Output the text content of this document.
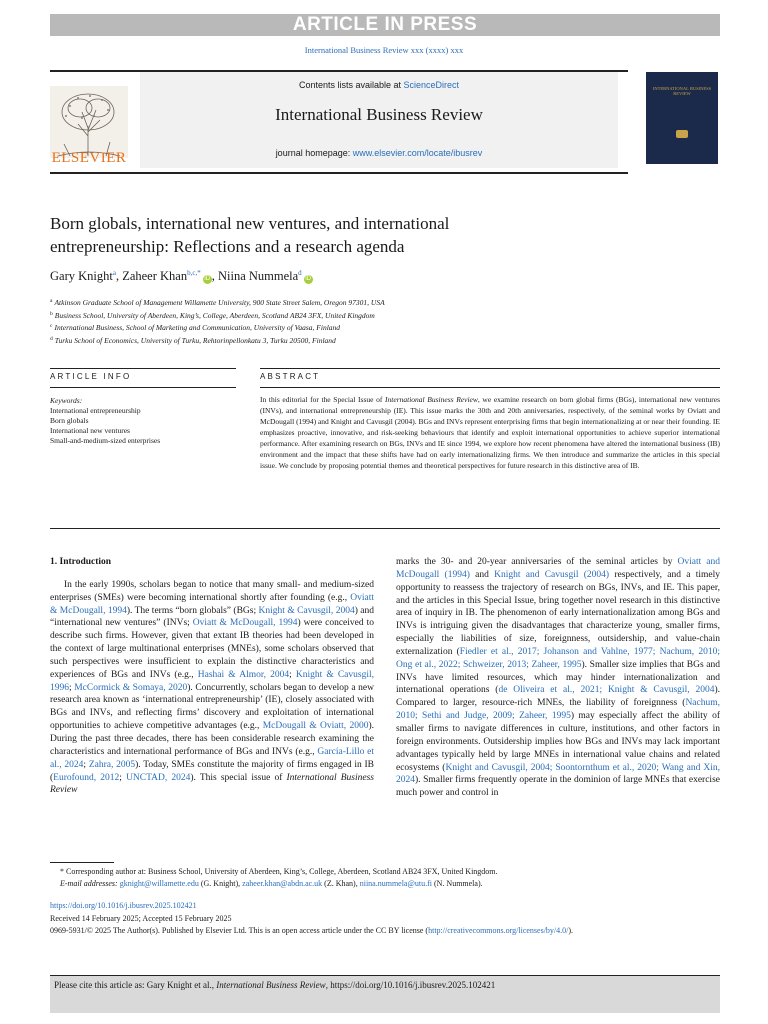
ARTICLE IN PRESS
International Business Review xxx (xxxx) xxx
ELSEVIER
Contents lists available at ScienceDirect
International Business Review
journal homepage: www.elsevier.com/locate/ibusrev
INTERNATIONAL BUSINESS REVIEW
Born globals, international new ventures, and international
entrepreneurship: Reflections and a research agenda
Gary Knight$^a$, Zaheer Khan$^{b,c,*}$iD , Niina Nummela$^d$iD
$^a$ Atkinson Graduate School of Management Willamette University, 900 State Street Salem, Oregon 97301, USA
$^b$ Business School, University of Aberdeen, King’s, College, Aberdeen, Scotland AB24 3FX, United Kingdom
$^c$ International Business, School of Marketing and Communication, University of Vaasa, Finland
$^d$ Turku School of Economics, University of Turku, Rehtorinpellonkatu 3, Turku 20500, Finland
ARTICLE INFO	ABSTRACT
Keywords:
International entrepreneurship
Born globals
International new ventures
Small-and-medium-sized enterprises
In this editorial for the Special Issue of International Business Review, we examine research on born global firms (BGs), international new ventures (INVs), and international entrepreneurship (IE). This issue marks the 30th and 20th anniversaries, respectively, of the seminal works by Oviatt and McDougall (1994) and Knight and Cavusgil (2004). BGs and INVs represent enterprising firms that begin internationalizing at or near their founding. IE emphasizes proactive, innovative, and risk-seeking behaviours that identify and exploit international opportunities to achieve superior international performance. After examining research on BGs, INVs and IE since 1994, we explore how recent phenomena have altered the international business (IB) environment and the impact that these shifts have had on early internationalizing firms. We then introduce and summarize the articles in this special issue. We conclude by proposing potential themes and theoretical perspectives for future research in this distinctive area of IB.
1. Introduction
In the early 1990s, scholars began to notice that many small- and medium-sized enterprises (SMEs) were becoming international shortly after founding (e.g., Oviatt & McDougall, 1994). The terms “born globals” (BGs; Knight & Cavusgil, 2004) and “international new ventures” (INVs; Oviatt & McDougall, 1994) were conceived to describe such firms. However, given that extant IB theories had been developed in the context of large multinational enterprises (MNEs), some scholars observed that such perspectives were insufficient to explain the distinctive characteristics and experiences of BGs and INVs (e.g., Hashai & Almor, 2004; Knight & Cavusgil, 1996; McCormick & Somaya, 2020). Concurrently, scholars began to develop a new research area known as ‘international entrepreneurship’ (IE), closely associated with BGs and INVs, and reflecting firms’ discovery and exploitation of international opportunities to achieve competitive advantages (e.g., McDougall & Oviatt, 2000). During the past three decades, there has been considerable research examining the characteristics and international performance of BGs and INVs (e.g., García-Lillo et al., 2024; Zahra, 2005). Today, SMEs constitute the majority of firms engaged in IB (Eurofound, 2012; UNCTAD, 2024). This special issue of International Business Review
marks the 30- and 20-year anniversaries of the seminal articles by Oviatt and McDougall (1994) and Knight and Cavusgil (2004) respectively, and a timely opportunity to reassess the trajectory of research on BGs, INVs, and IE. This paper, and the articles in this Special Issue, bring together novel research in this distinctive area of inquiry in IB. The phenomenon of early internationalization among BGs and INVs is intriguing given the disadvantages that characterize young, smaller firms, especially the liabilities of size, foreignness, outsidership, and value-chain externalization (Fiedler et al., 2017; Johanson and Vahlne, 1977; Nachum, 2010; Ong et al., 2022; Schweizer, 2013; Zaheer, 1995). Smaller size implies that BGs and INVs have limited resources, which may hinder internationalization and international operations (de Oliveira et al., 2021; Knight & Cavusgil, 2004). Compared to larger, resource-rich MNEs, the liability of foreignness (Nachum, 2010; Sethi and Judge, 2009; Zaheer, 1995) may especially affect the ability of smaller firms to navigate differences in culture, institutions, and other factors in foreign environments. Outsidership implies how BGs and INVs may lack important advantages typically held by large MNEs in international value chains and related ecosystems (Knight and Cavusgil, 2004; Soontornthum et al., 2020; Wang and Xin, 2024). Smaller firms frequently operate in the dominion of large MNEs that exercise much power and control in
* Corresponding author at: Business School, University of Aberdeen, King’s, College, Aberdeen, Scotland AB24 3FX, United Kingdom.
E-mail addresses: gknight@willamette.edu (G. Knight), zaheer.khan@abdn.ac.uk (Z. Khan), niina.nummela@utu.fi (N. Nummela).
https://doi.org/10.1016/j.ibusrev.2025.102421
Received 14 February 2025; Accepted 15 February 2025
0969-5931/© 2025 The Author(s). Published by Elsevier Ltd. This is an open access article under the CC BY license (http://creativecommons.org/licenses/by/4.0/).
Please cite this article as: Gary Knight et al., International Business Review, https://doi.org/10.1016/j.ibusrev.2025.102421
